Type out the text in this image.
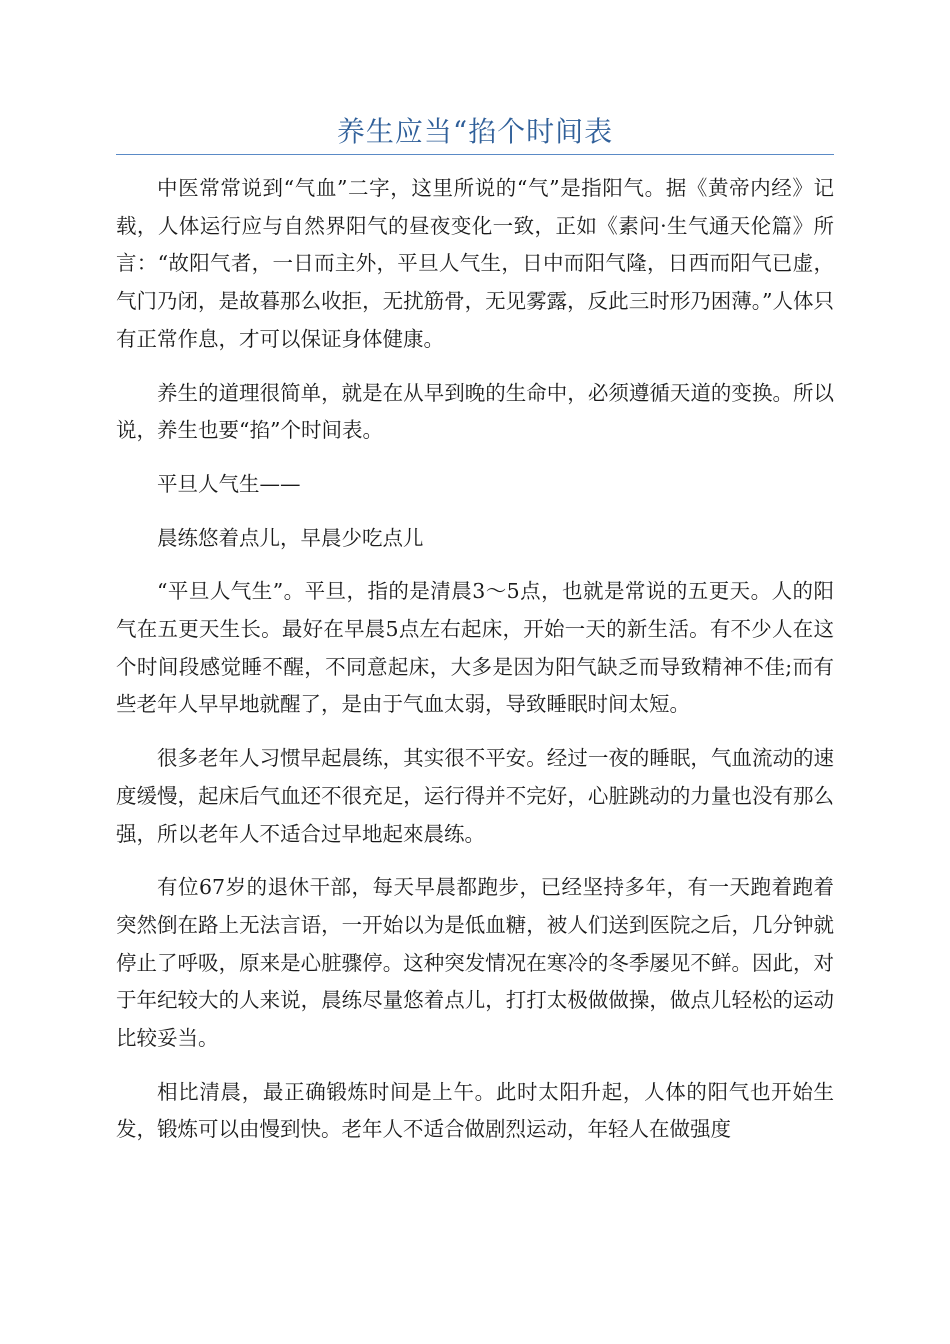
养生应当“掐个时间表

中医常常说到“气血”二字，这里所说的“气”是指阳气。据《黄帝内经》记载，人体运行应与自然界阳气的昼夜变化一致，正如《素问·生气通天伦篇》所言：“故阳气者，一日而主外，平旦人气生，日中而阳气隆，日西而阳气已虚，气门乃闭，是故暮那么收拒，无扰筋骨，无见雾露，反此三时形乃困薄。”人体只有正常作息，才可以保证身体健康。

养生的道理很简单，就是在从早到晚的生命中，必须遵循天道的变换。所以说，养生也要“掐”个时间表。

平旦人气生——

晨练悠着点儿，早晨少吃点儿

“平旦人气生”。平旦，指的是清晨3～5点，也就是常说的五更天。人的阳气在五更天生长。最好在早晨5点左右起床，开始一天的新生活。有不少人在这个时间段感觉睡不醒，不同意起床，大多是因为阳气缺乏而导致精神不佳;而有些老年人早早地就醒了，是由于气血太弱，导致睡眠时间太短。

很多老年人习惯早起晨练，其实很不平安。经过一夜的睡眠，气血流动的速度缓慢，起床后气血还不很充足，运行得并不完好，心脏跳动的力量也没有那么强，所以老年人不适合过早地起來晨练。

有位67岁的退休干部，每天早晨都跑步，已经坚持多年，有一天跑着跑着突然倒在路上无法言语，一开始以为是低血糖，被人们送到医院之后，几分钟就停止了呼吸，原来是心脏骤停。这种突发情况在寒冷的冬季屡见不鲜。因此，对于年纪较大的人来说，晨练尽量悠着点儿，打打太极做做操，做点儿轻松的运动比较妥当。

相比清晨，最正确锻炼时间是上午。此时太阳升起，人体的阳气也开始生发，锻炼可以由慢到快。老年人不适合做剧烈运动，年轻人在做强度
